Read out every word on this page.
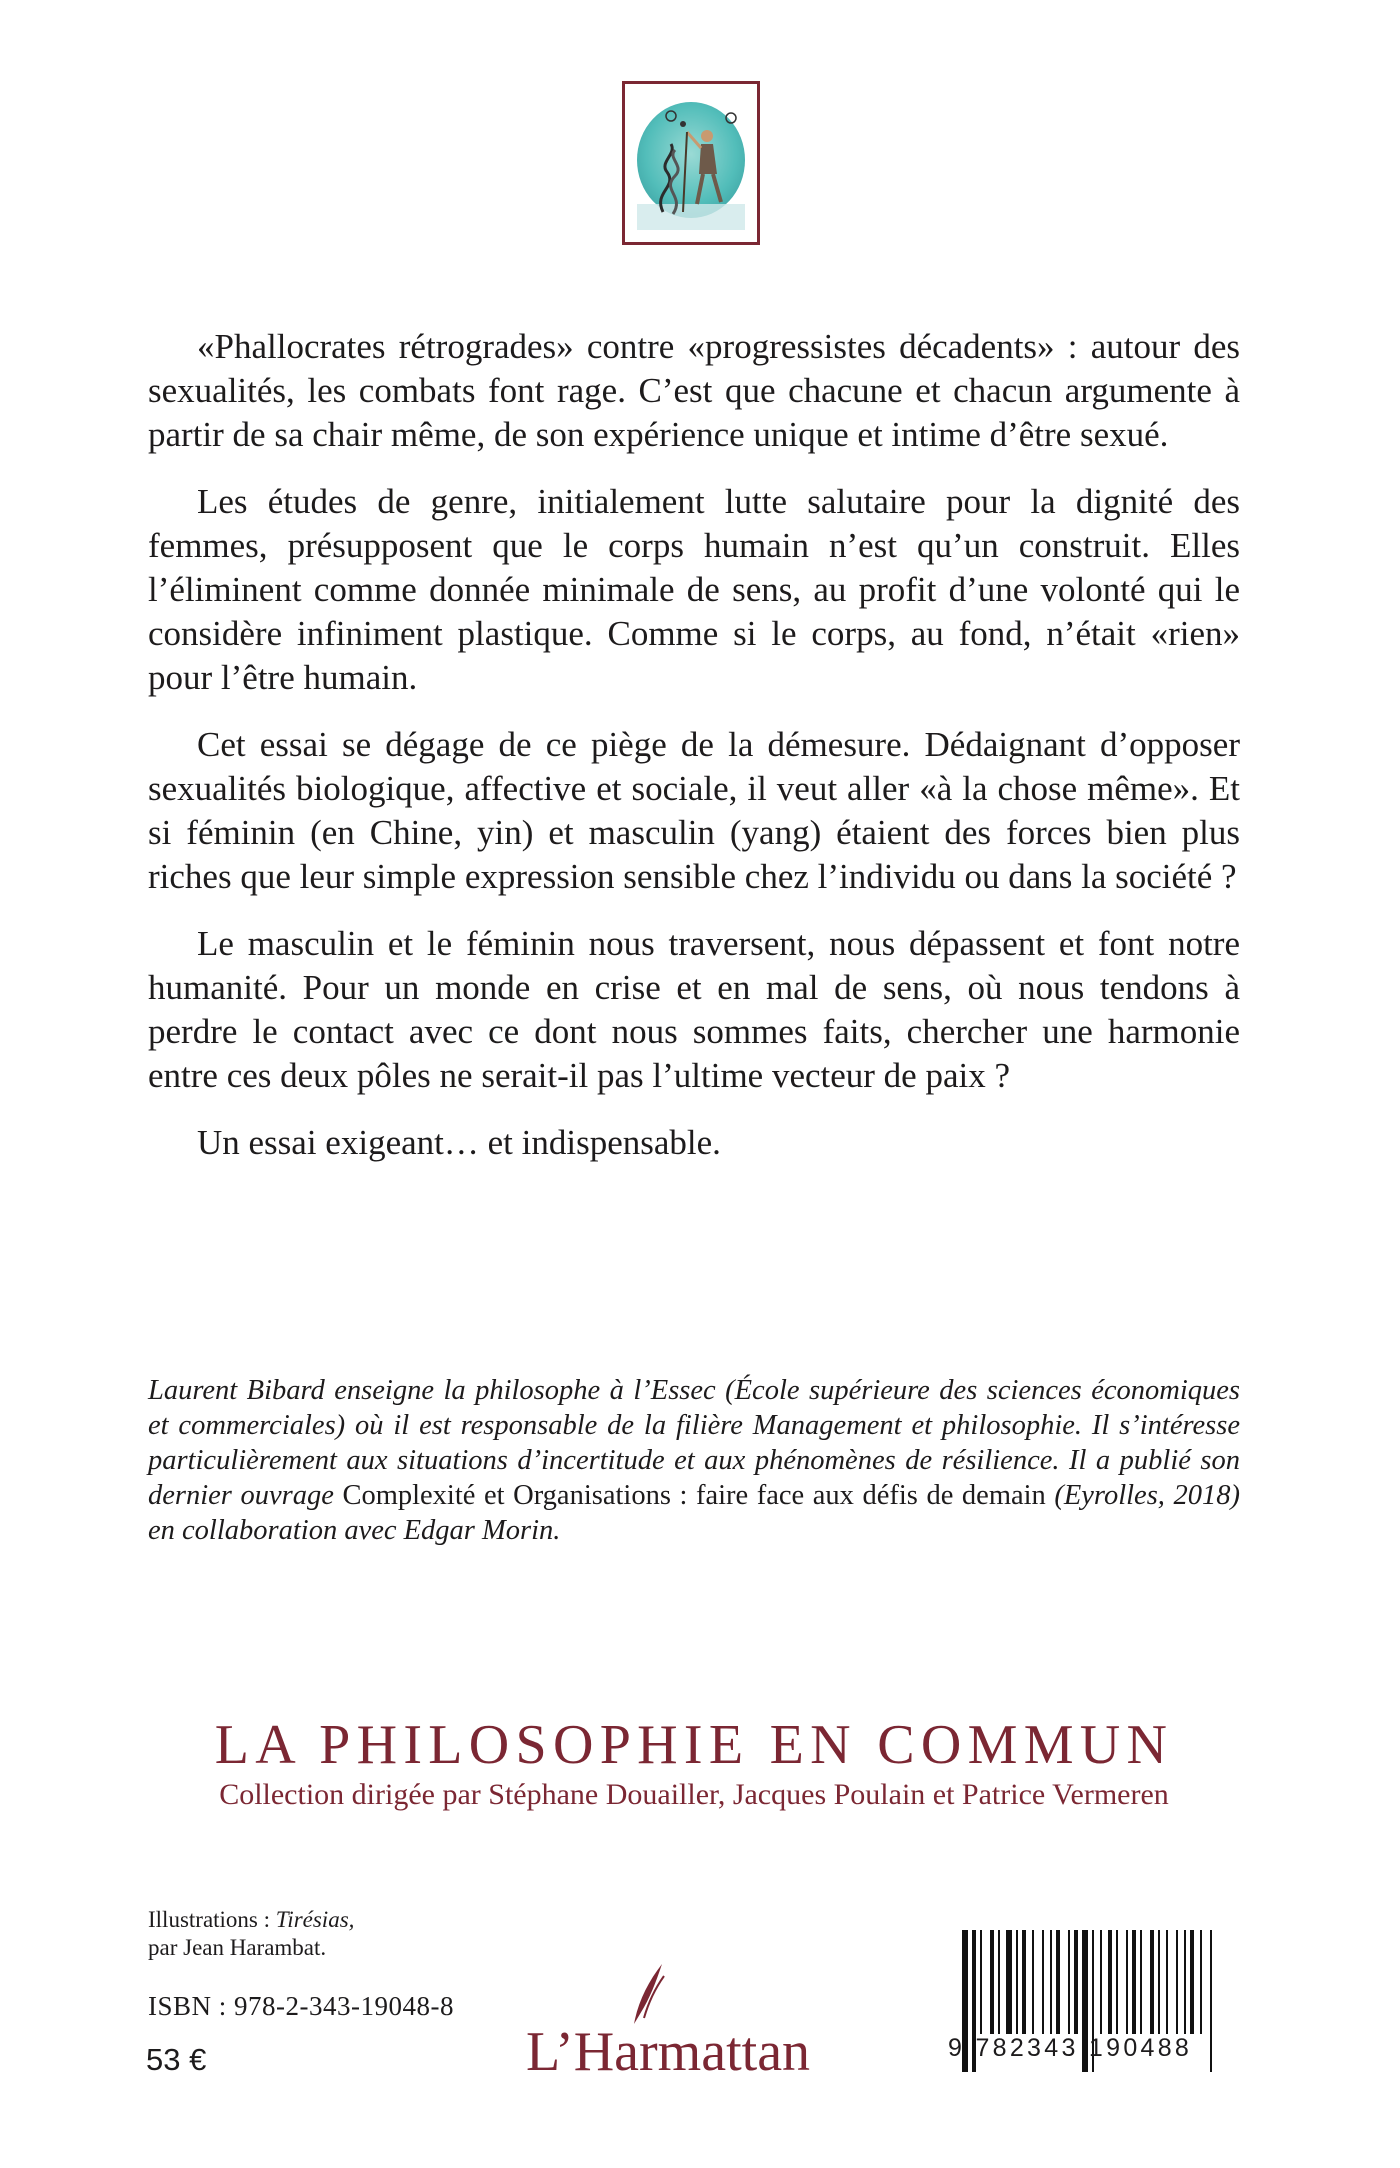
«Phallocrates rétrogrades» contre «progressistes décadents» : autour des sexualités, les combats font rage. C’est que chacune et chacun argumente à partir de sa chair même, de son expérience unique et intime d’être sexué.

Les études de genre, initialement lutte salutaire pour la dignité des femmes, présupposent que le corps humain n’est qu’un construit. Elles l’éliminent comme donnée minimale de sens, au profit d’une volonté qui le considère infiniment plastique. Comme si le corps, au fond, n’était «rien» pour l’être humain.

Cet essai se dégage de ce piège de la démesure. Dédaignant d’opposer sexualités biologique, affective et sociale, il veut aller «à la chose même». Et si féminin (en Chine, yin) et masculin (yang) étaient des forces bien plus riches que leur simple expression sensible chez l’individu ou dans la société ?

Le masculin et le féminin nous traversent, nous dépassent et font notre humanité. Pour un monde en crise et en mal de sens, où nous tendons à perdre le contact avec ce dont nous sommes faits, chercher une harmonie entre ces deux pôles ne serait-il pas l’ultime vecteur de paix ?

Un essai exigeant… et indispensable.

Laurent Bibard enseigne la philosophe à l’Essec (École supérieure des sciences économiques et commerciales) où il est responsable de la filière Management et philosophie. Il s’intéresse particulièrement aux situations d’incertitude et aux phénomènes de résilience. Il a publié son dernier ouvrage Complexité et Organisations : faire face aux défis de demain (Eyrolles, 2018) en collaboration avec Edgar Morin.
LA PHILOSOPHIE EN COMMUN
Collection dirigée par Stéphane Douailler, Jacques Poulain et Patrice Vermeren
Illustrations : Tirésias,
par Jean Harambat.
ISBN : 978-2-343-19048-8
53 €	L’Harmattan	9 782343 190488
